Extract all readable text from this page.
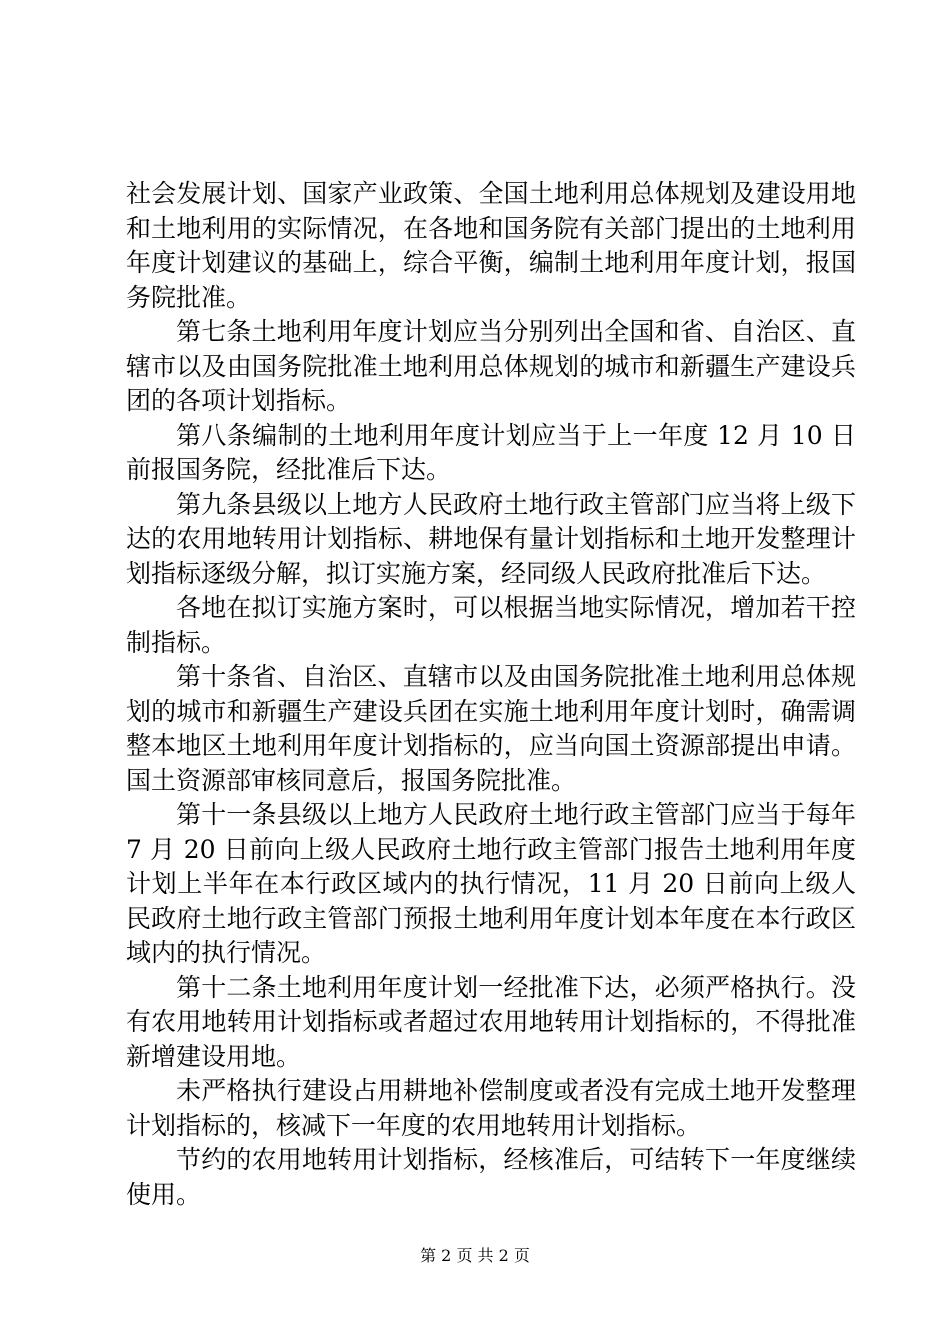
社会发展计划、国家产业政策、全国土地利用总体规划及建设用地和土地利用的实际情况，在各地和国务院有关部门提出的土地利用年度计划建议的基础上，综合平衡，编制土地利用年度计划，报国务院批准。

第七条土地利用年度计划应当分别列出全国和省、自治区、直辖市以及由国务院批准土地利用总体规划的城市和新疆生产建设兵团的各项计划指标。

第八条编制的土地利用年度计划应当于上一年度 12 月 10 日前报国务院，经批准后下达。

第九条县级以上地方人民政府土地行政主管部门应当将上级下达的农用地转用计划指标、耕地保有量计划指标和土地开发整理计划指标逐级分解，拟订实施方案，经同级人民政府批准后下达。

各地在拟订实施方案时，可以根据当地实际情况，增加若干控制指标。

第十条省、自治区、直辖市以及由国务院批准土地利用总体规划的城市和新疆生产建设兵团在实施土地利用年度计划时，确需调整本地区土地利用年度计划指标的，应当向国土资源部提出申请。国土资源部审核同意后，报国务院批准。

第十一条县级以上地方人民政府土地行政主管部门应当于每年 7 月 20 日前向上级人民政府土地行政主管部门报告土地利用年度计划上半年在本行政区域内的执行情况，11 月 20 日前向上级人民政府土地行政主管部门预报土地利用年度计划本年度在本行政区域内的执行情况。

第十二条土地利用年度计划一经批准下达，必须严格执行。没有农用地转用计划指标或者超过农用地转用计划指标的，不得批准新增建设用地。

未严格执行建设占用耕地补偿制度或者没有完成土地开发整理计划指标的，核减下一年度的农用地转用计划指标。

节约的农用地转用计划指标，经核准后，可结转下一年度继续使用。

第 2 页 共 2 页
